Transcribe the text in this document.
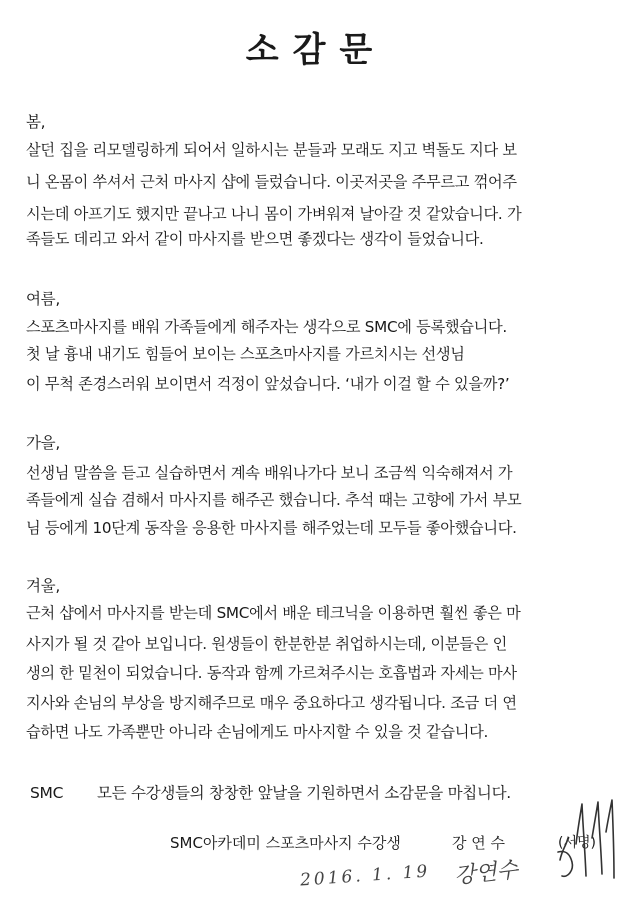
소감문
봄,
살던 집을 리모델링하게 되어서 일하시는 분들과 모래도 지고 벽돌도 지다 보
니 온몸이 쑤셔서 근처 마사지 샵에 들렀습니다. 이곳저곳을 주무르고 꺾어주
시는데 아프기도 했지만 끝나고 나니 몸이 가벼워져 날아갈 것 같았습니다. 가
족들도 데리고 와서 같이 마사지를 받으면 좋겠다는 생각이 들었습니다.
여름,
스포츠마사지를 배워 가족들에게 해주자는 생각으로 SMC에 등록했습니다.
첫 날 흉내 내기도 힘들어 보이는 스포츠마사지를 가르치시는 선생님
이 무척 존경스러워 보이면서 걱정이 앞섰습니다. ‘내가 이걸 할 수 있을까?’
가을,
선생님 말씀을 듣고 실습하면서 계속 배워나가다 보니 조금씩 익숙해져서 가
족들에게 실습 겸해서 마사지를 해주곤 했습니다. 추석 때는 고향에 가서 부모
님 등에게 10단계 동작을 응용한 마사지를 해주었는데 모두들 좋아했습니다.
겨울,
근처 샵에서 마사지를 받는데 SMC에서 배운 테크닉을 이용하면 훨씬 좋은 마
사지가 될 것 같아 보입니다. 원생들이 한분한분 취업하시는데, 이분들은 인
생의 한 밑천이 되었습니다. 동작과 함께 가르쳐주시는 호흡법과 자세는 마사
지사와 손님의 부상을 방지해주므로 매우 중요하다고 생각됩니다. 조금 더 연
습하면 나도 가족뿐만 아니라 손님에게도 마사지할 수 있을 것 같습니다.
SMC 모든 수강생들의 창창한 앞날을 기원하면서 소감문을 마칩니다.
SMC아카데미 스포츠마사지 수강생	강 연 수	(서명)
2016. 1. 19 강연수
